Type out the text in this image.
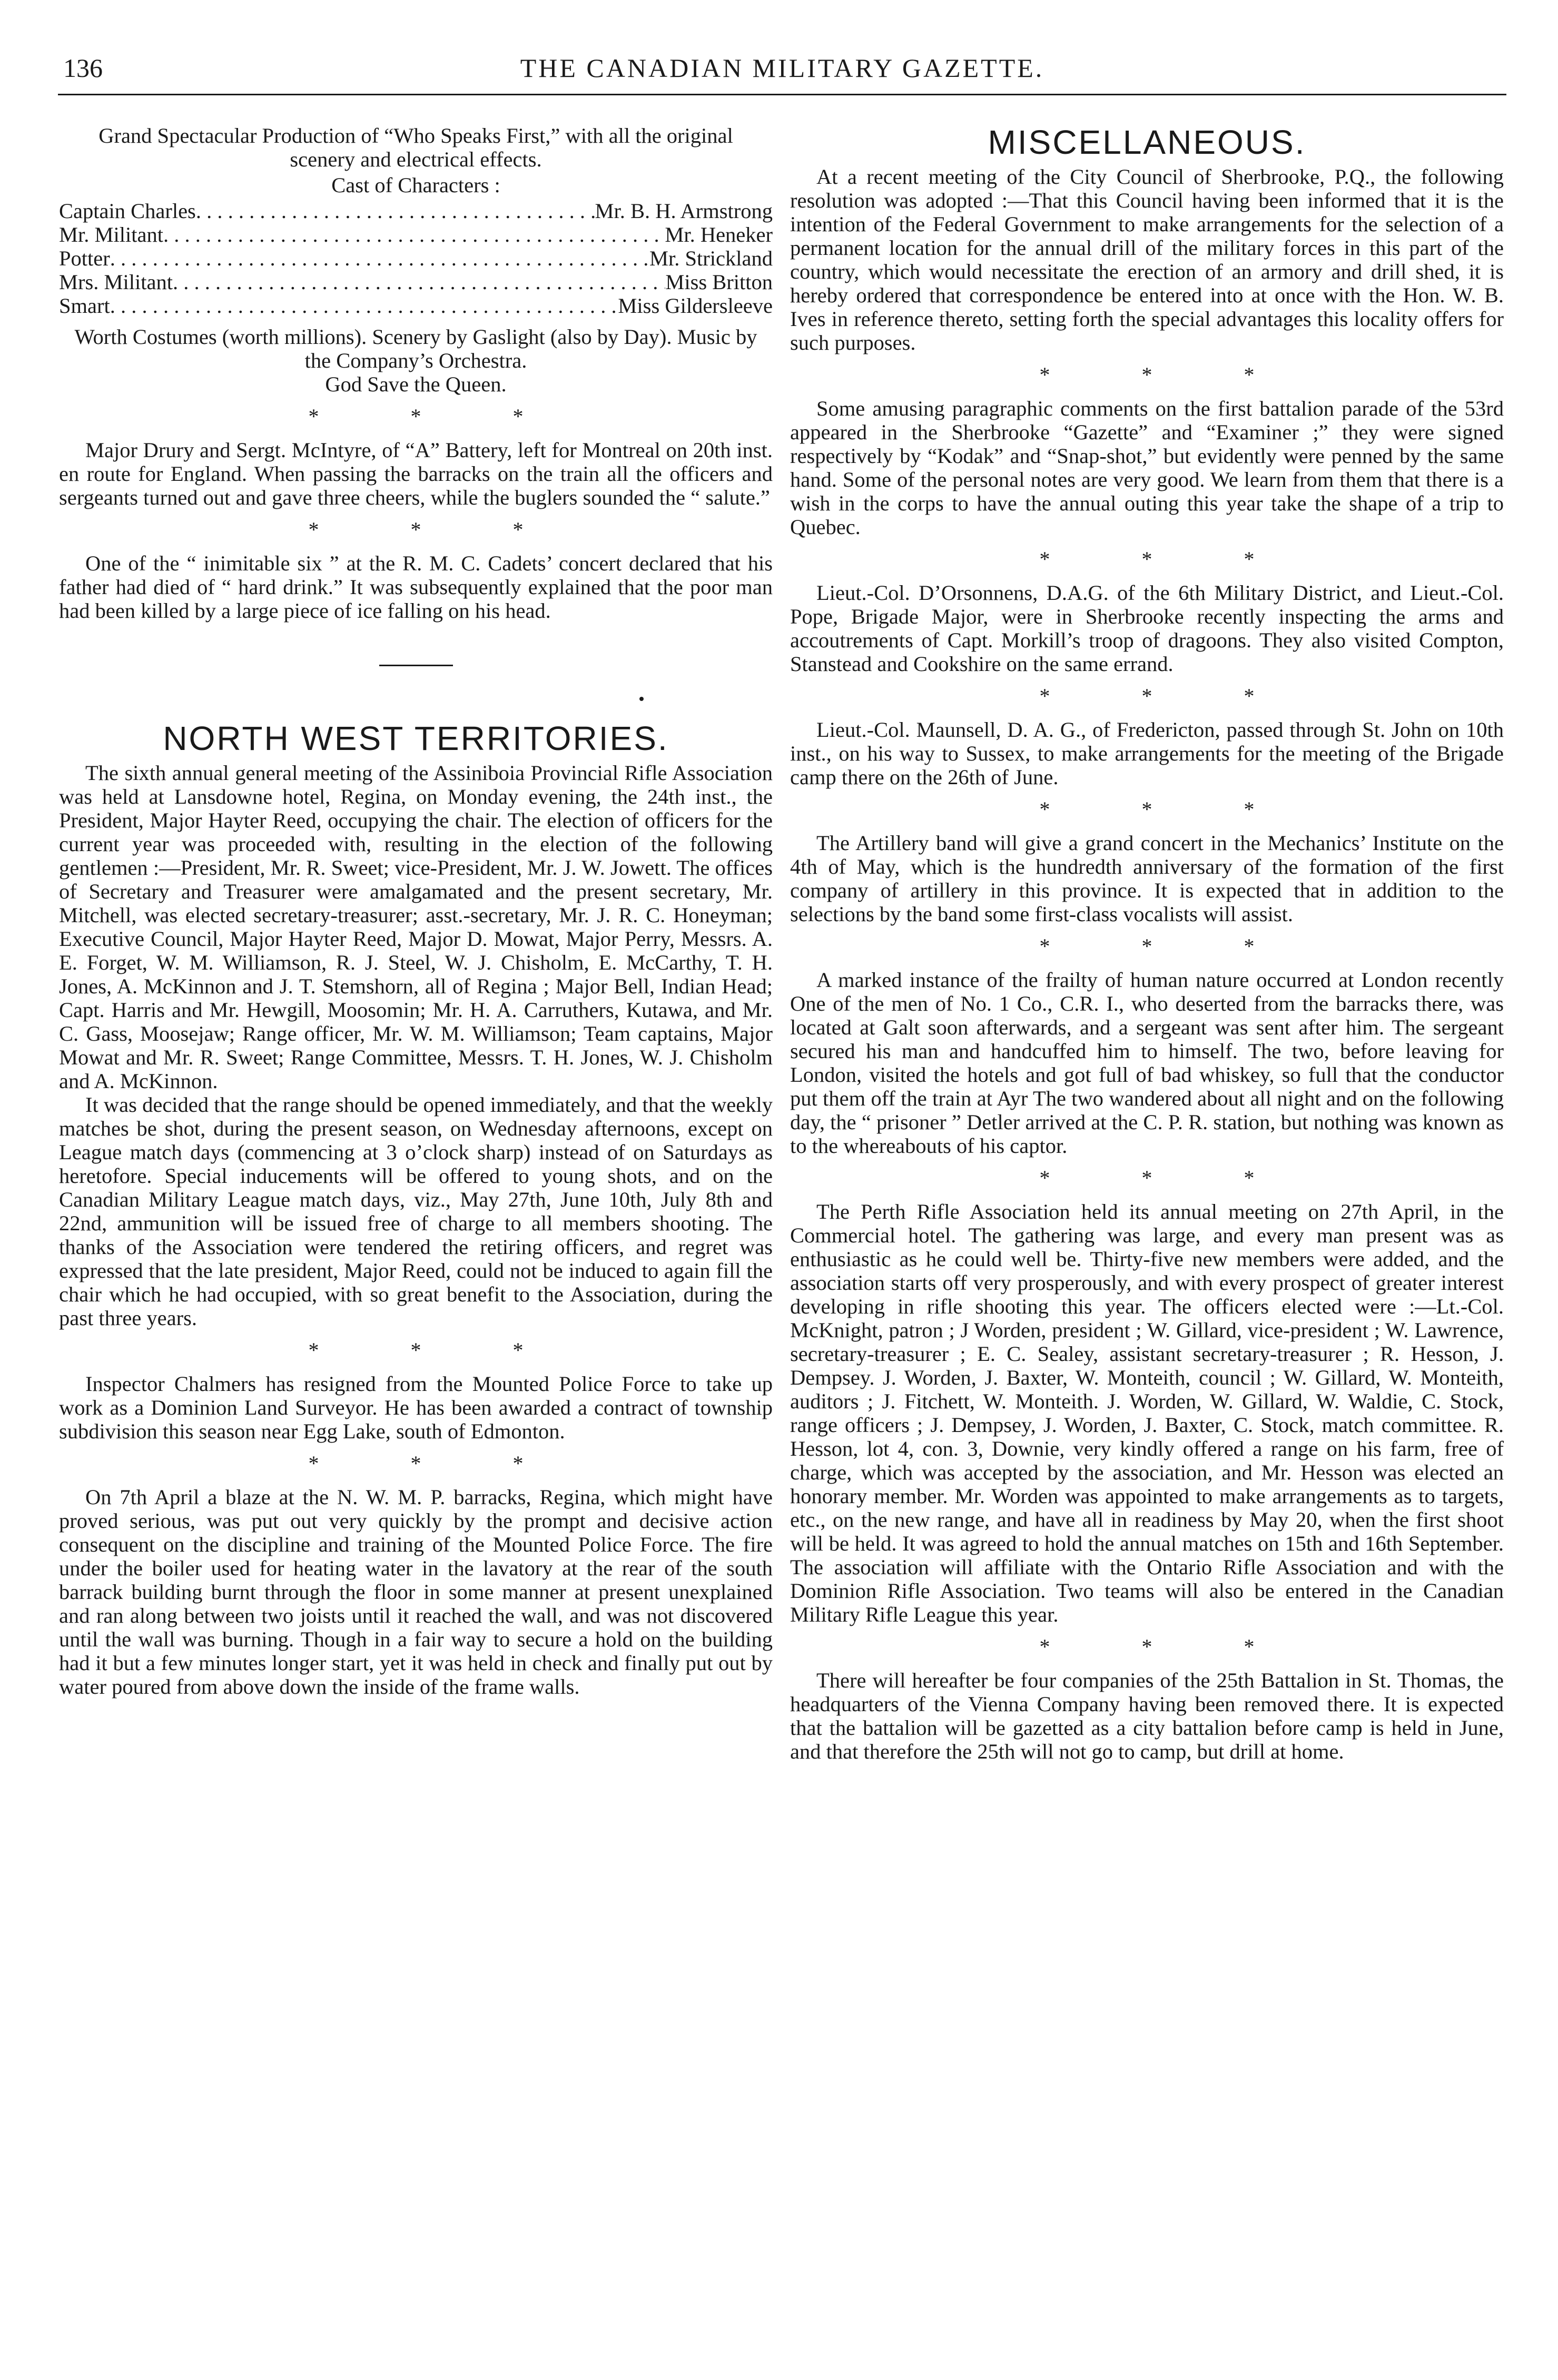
THE CANADIAN MILITARY GAZETTE.
136

Grand Spectacular Production of “Who Speaks First,” with all the original scenery and electrical effects.

Cast of Characters :

Captain Charles . . .	Mr. B. H. Armstrong
Mr. Militant . . .	Mr. Heneker
Potter . . .	Mr. Strickland
Mrs. Militant . . .	Miss Britton
Smart . . .	Miss Gildersleeve

Worth Costumes (worth millions). Scenery by Gaslight (also by Day). Music by the Company’s Orchestra.

God Save the Queen.

* * *

Major Drury and Sergt. McIntyre, of “A” Battery, left for Montreal on 20th inst. en route for England. When passing the barracks on the train all the officers and sergeants turned out and gave three cheers, while the buglers sounded the “ salute.”

* * *

One of the “ inimitable six ” at the R. M. C. Cadets’ concert declared that his father had died of “ hard drink.” It was subsequently explained that the poor man had been killed by a large piece of ice falling on his head.

NORTH WEST TERRITORIES.

The sixth annual general meeting of the Assiniboia Provincial Rifle Association was held at Lansdowne hotel, Regina, on Monday evening, the 24th inst., the President, Major Hayter Reed, occupying the chair. The election of officers for the current year was proceeded with, resulting in the election of the following gentlemen :—President, Mr. R. Sweet; vice-President, Mr. J. W. Jowett. The offices of Secretary and Treasurer were amalgamated and the present secretary, Mr. Mitchell, was elected secretary-treasurer; asst.-secretary, Mr. J. R. C. Honeyman; Executive Council, Major Hayter Reed, Major D. Mowat, Major Perry, Messrs. A. E. Forget, W. M. Williamson, R. J. Steel, W. J. Chisholm, E. McCarthy, T. H. Jones, A. McKinnon and J. T. Stemshorn, all of Regina ; Major Bell, Indian Head; Capt. Harris and Mr. Hewgill, Moosomin; Mr. H. A. Carruthers, Kutawa, and Mr. C. Gass, Moosejaw; Range officer, Mr. W. M. Williamson; Team captains, Major Mowat and Mr. R. Sweet; Range Committee, Messrs. T. H. Jones, W. J. Chisholm and A. McKinnon.

It was decided that the range should be opened immediately, and that the weekly matches be shot, during the present season, on Wednesday afternoons, except on League match days (commencing at 3 o’clock sharp) instead of on Saturdays as heretofore. Special inducements will be offered to young shots, and on the Canadian Military League match days, viz., May 27th, June 10th, July 8th and 22nd, ammunition will be issued free of charge to all members shooting. The thanks of the Association were tendered the retiring officers, and regret was expressed that the late president, Major Reed, could not be induced to again fill the chair which he had occupied, with so great benefit to the Association, during the past three years.

* * *

Inspector Chalmers has resigned from the Mounted Police Force to take up work as a Dominion Land Surveyor. He has been awarded a contract of township subdivision this season near Egg Lake, south of Edmonton.

* * *

On 7th April a blaze at the N. W. M. P. barracks, Regina, which might have proved serious, was put out very quickly by the prompt and decisive action consequent on the discipline and training of the Mounted Police Force. The fire under the boiler used for heating water in the lavatory at the rear of the south barrack building burnt through the floor in some manner at present unexplained and ran along between two joists until it reached the wall, and was not discovered until the wall was burning. Though in a fair way to secure a hold on the building had it but a few minutes longer start, yet it was held in check and finally put out by water poured from above down the inside of the frame walls.

MISCELLANEOUS.

At a recent meeting of the City Council of Sherbrooke, P.Q., the following resolution was adopted :—That this Council having been informed that it is the intention of the Federal Government to make arrangements for the selection of a permanent location for the annual drill of the military forces in this part of the country, which would necessitate the erection of an armory and drill shed, it is hereby ordered that correspondence be entered into at once with the Hon. W. B. Ives in reference thereto, setting forth the special advantages this locality offers for such purposes.

* * *

Some amusing paragraphic comments on the first battalion parade of the 53rd appeared in the Sherbrooke “Gazette” and “Examiner ;” they were signed respectively by “Kodak” and “Snap-shot,” but evidently were penned by the same hand. Some of the personal notes are very good. We learn from them that there is a wish in the corps to have the annual outing this year take the shape of a trip to Quebec.

* * *

Lieut.-Col. D’Orsonnens, D.A.G. of the 6th Military District, and Lieut.-Col. Pope, Brigade Major, were in Sherbrooke recently inspecting the arms and accoutrements of Capt. Morkill’s troop of dragoons. They also visited Compton, Stanstead and Cookshire on the same errand.

* * *

Lieut.-Col. Maunsell, D. A. G., of Fredericton, passed through St. John on 10th inst., on his way to Sussex, to make arrangements for the meeting of the Brigade camp there on the 26th of June.

* * *

The Artillery band will give a grand concert in the Mechanics’ Institute on the 4th of May, which is the hundredth anniversary of the formation of the first company of artillery in this province. It is expected that in addition to the selections by the band some first-class vocalists will assist.

* * *

A marked instance of the frailty of human nature occurred at London recently One of the men of No. 1 Co., C.R. I., who deserted from the barracks there, was located at Galt soon afterwards, and a sergeant was sent after him. The sergeant secured his man and handcuffed him to himself. The two, before leaving for London, visited the hotels and got full of bad whiskey, so full that the conductor put them off the train at Ayr The two wandered about all night and on the following day, the “ prisoner ” Detler arrived at the C. P. R. station, but nothing was known as to the whereabouts of his captor.

* * *

The Perth Rifle Association held its annual meeting on 27th April, in the Commercial hotel. The gathering was large, and every man present was as enthusiastic as he could well be. Thirty-five new members were added, and the association starts off very prosperously, and with every prospect of greater interest developing in rifle shooting this year. The officers elected were :—Lt.-Col. McKnight, patron ; J Worden, president ; W. Gillard, vice-president ; W. Lawrence, secretary-treasurer ; E. C. Sealey, assistant secretary-treasurer ; R. Hesson, J. Dempsey. J. Worden, J. Baxter, W. Monteith, council ; W. Gillard, W. Monteith, auditors ; J. Fitchett, W. Monteith. J. Worden, W. Gillard, W. Waldie, C. Stock, range officers ; J. Dempsey, J. Worden, J. Baxter, C. Stock, match committee. R. Hesson, lot 4, con. 3, Downie, very kindly offered a range on his farm, free of charge, which was accepted by the association, and Mr. Hesson was elected an honorary member. Mr. Worden was appointed to make arrangements as to targets, etc., on the new range, and have all in readiness by May 20, when the first shoot will be held. It was agreed to hold the annual matches on 15th and 16th September. The association will affiliate with the Ontario Rifle Association and with the Dominion Rifle Association. Two teams will also be entered in the Canadian Military Rifle League this year.

* * *

There will hereafter be four companies of the 25th Battalion in St. Thomas, the headquarters of the Vienna Company having been removed there. It is expected that the battalion will be gazetted as a city battalion before camp is held in June, and that therefore the 25th will not go to camp, but drill at home.
